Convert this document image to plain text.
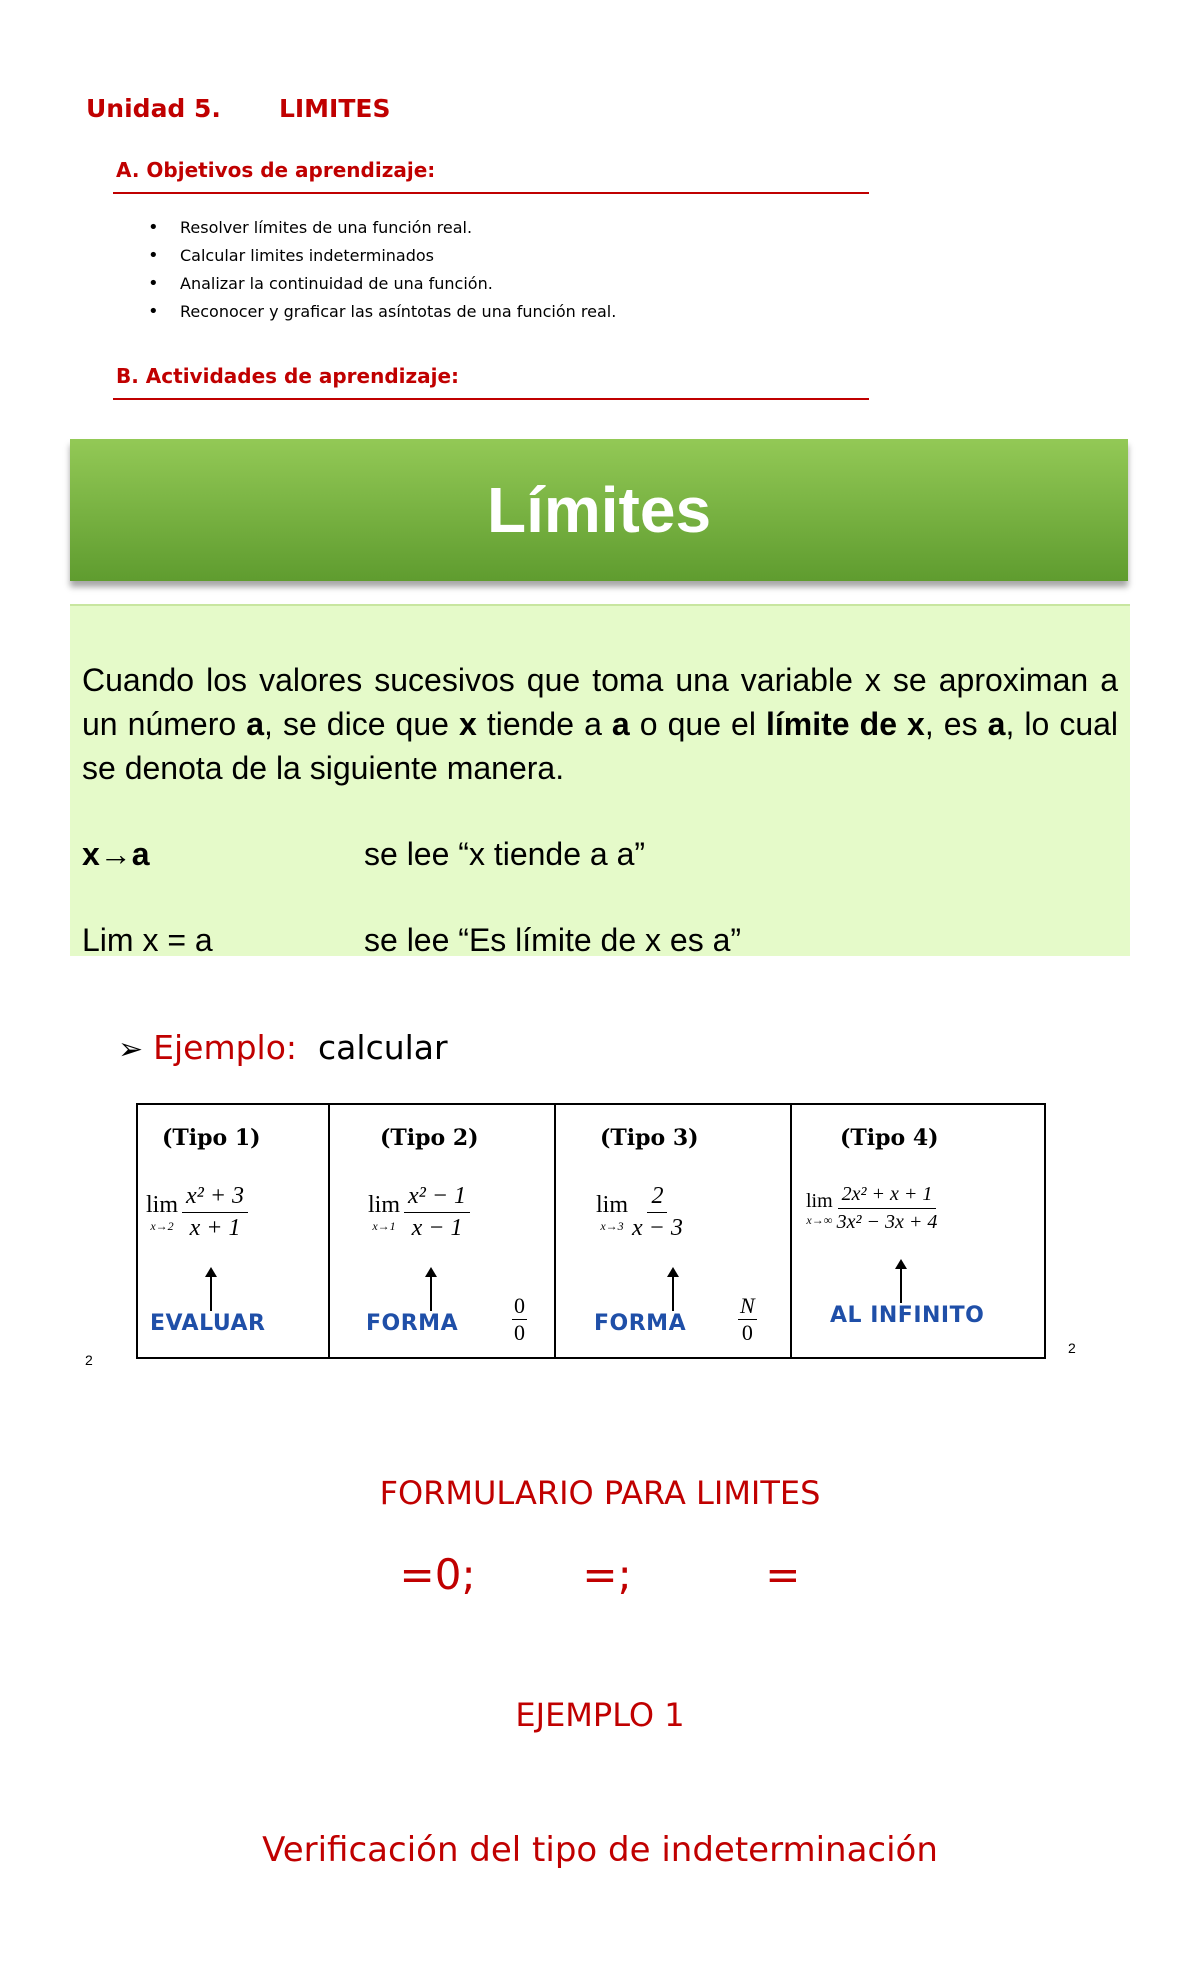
Unidad 5. LIMITES
A. Objetivos de aprendizaje:
• Resolver límites de una función real.
• Calcular limites indeterminados
• Analizar la continuidad de una función.
• Reconocer y graficar las asíntotas de una función real.
B. Actividades de aprendizaje:
Límites
Cuando los valores sucesivos que toma una variable x se aproximan a un número a, se dice que x tiende a a o que el límite de x, es a, lo cual se denota de la siguiente manera.
x→a	se lee “x tiende a a”
Lim x = a	se lee “Es límite de x es a”
➢ Ejemplo: calcular
(Tipo 1)
lim
$x\to 2 \frac{\text{x² + 3}}{x + 1}$
EVALUAR
(Tipo 2)
lim
$x\to 1 \frac{\text{x² − 1}}{x - 1}$
FORMA
0
0
(Tipo 3)
lim
$x\to 3 \frac{2}{x - 3}$
FORMA
N
0
(Tipo 4)
lim
$x\to\infty \frac{\text{2x² + x + 1}}{\text{3x² − 3x + 4}}$
AL INFINITO
2
2
FORMULARIO PARA LIMITES
=0;        =;          =
EJEMPLO 1
Verificación del tipo de indeterminación
